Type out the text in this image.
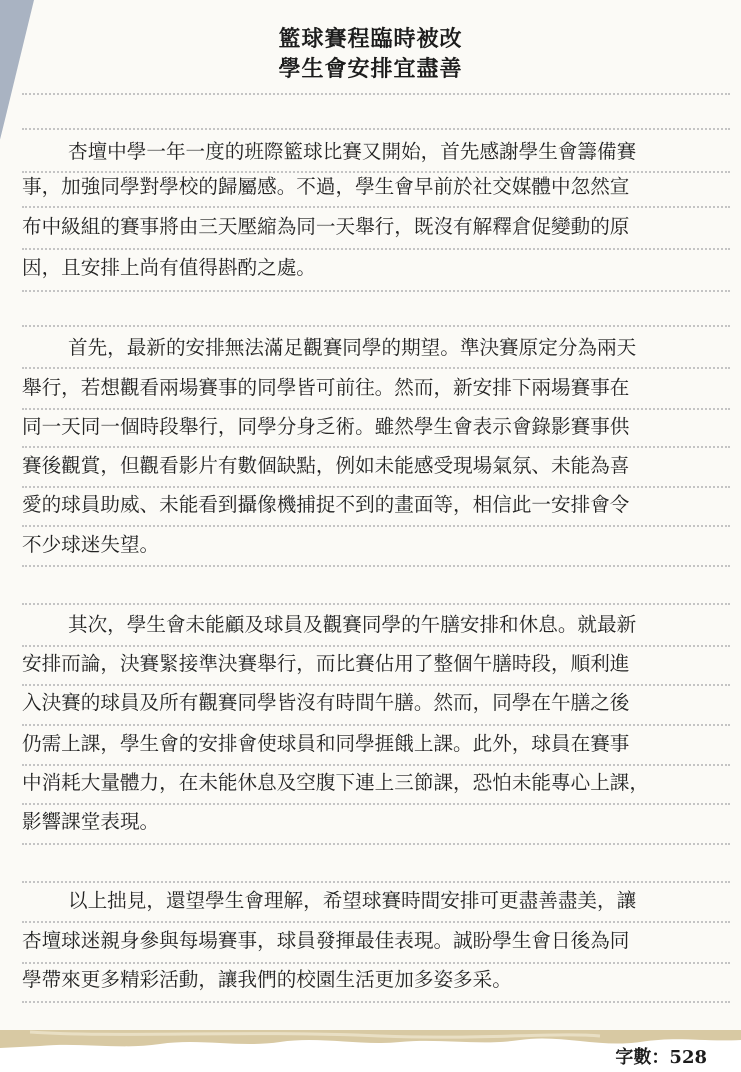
籃球賽程臨時被改
學生會安排宜盡善
杏壇中學一年一度的班際籃球比賽又開始，首先感謝學生會籌備賽
事，加強同學對學校的歸屬感。不過，學生會早前於社交媒體中忽然宣
布中級組的賽事將由三天壓縮為同一天舉行，既沒有解釋倉促變動的原
因，且安排上尚有值得斟酌之處。
首先，最新的安排無法滿足觀賽同學的期望。準決賽原定分為兩天
舉行，若想觀看兩場賽事的同學皆可前往。然而，新安排下兩場賽事在
同一天同一個時段舉行，同學分身乏術。雖然學生會表示會錄影賽事供
賽後觀賞，但觀看影片有數個缺點，例如未能感受現場氣氛、未能為喜
愛的球員助威、未能看到攝像機捕捉不到的畫面等，相信此一安排會令
不少球迷失望。
其次，學生會未能顧及球員及觀賽同學的午膳安排和休息。就最新
安排而論，決賽緊接準決賽舉行，而比賽佔用了整個午膳時段，順利進
入決賽的球員及所有觀賽同學皆沒有時間午膳。然而，同學在午膳之後
仍需上課，學生會的安排會使球員和同學捱餓上課。此外，球員在賽事
中消耗大量體力，在未能休息及空腹下連上三節課，恐怕未能專心上課，
影響課堂表現。
以上拙見，還望學生會理解，希望球賽時間安排可更盡善盡美，讓
杏壇球迷親身參與每場賽事，球員發揮最佳表現。誠盼學生會日後為同
學帶來更多精彩活動，讓我們的校園生活更加多姿多采。
字數：528
